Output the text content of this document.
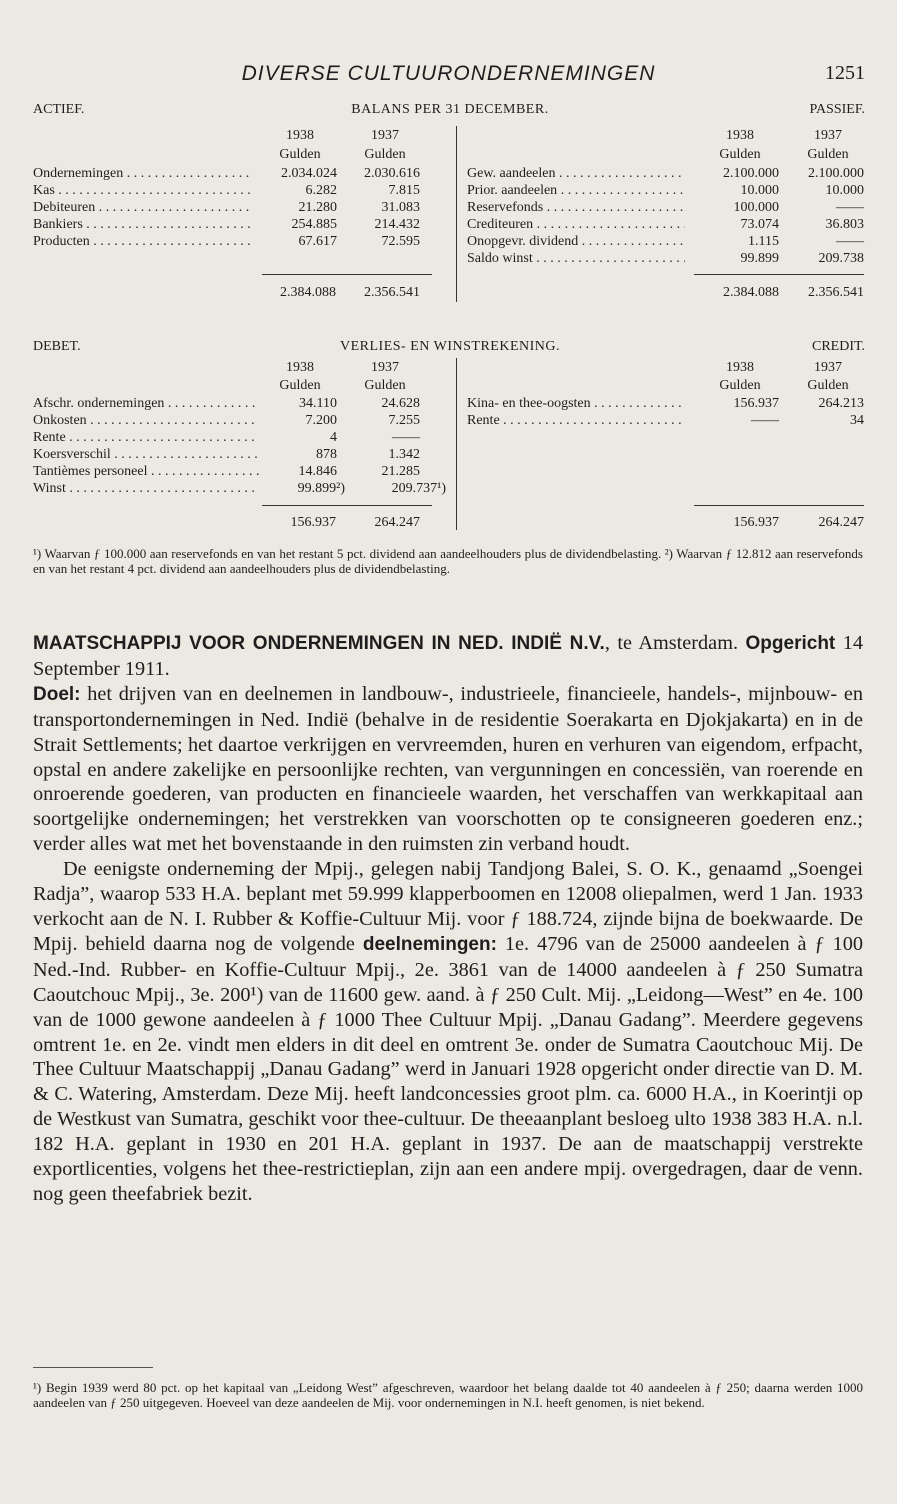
DIVERSE CULTUURONDERNEMINGEN	1251
ACTIEF.	BALANS PER 31 DECEMBER.	PASSIEF.
1938	1937
Gulden	Gulden
1938	1937
Gulden	Gulden
Ondernemingen . . .	2.034.024	2.030.616
Kas . . .	6.282	7.815
Debiteuren . . .	21.280	31.083
Bankiers . . .	254.885	214.432
Producten . . .	67.617	72.595
Gew. aandeelen . . .	2.100.000	2.100.000
Prior. aandeelen . . .	10.000	10.000
Reservefonds . . .	100.000	——
Crediteuren . . .	73.074	36.803
Onopgevr. dividend . . .	1.115	——
Saldo winst . . .	99.899	209.738
2.384.088	2.356.541	2.384.088	2.356.541
DEBET.	VERLIES- EN WINSTREKENING.	CREDIT.
1938	1937
Gulden	Gulden
1938	1937
Gulden	Gulden
Afschr. ondernemingen . . .	34.110	24.628
Onkosten . . .	7.200	7.255
Rente . . .	4	——
Koersverschil . . .	878	1.342
Tantièmes personeel . . .	14.846	21.285
Winst . . .	99.899²)	209.737¹)
Kina- en thee-oogsten . . .	156.937	264.213
Rente . . .	——	34
156.937	264.247	156.937	264.247
¹) Waarvan ƒ 100.000 aan reservefonds en van het restant 5 pct. dividend aan aandeelhouders plus de dividendbelasting. ²) Waarvan ƒ 12.812 aan reservefonds en van het restant 4 pct. dividend aan aandeelhouders plus de dividendbelasting.

MAATSCHAPPIJ VOOR ONDERNEMINGEN IN NED. INDIË N.V., te Amsterdam. Opgericht 14 September 1911.

Doel: het drijven van en deelnemen in landbouw-, industrieele, financieele, handels-, mijnbouw- en transportondernemingen in Ned. Indië (behalve in de residentie Soerakarta en Djokjakarta) en in de Strait Settlements; het daartoe verkrijgen en vervreemden, huren en verhuren van eigendom, erfpacht, opstal en andere zakelijke en persoonlijke rechten, van vergunningen en concessiën, van roerende en onroerende goederen, van producten en financieele waarden, het verschaffen van werkkapitaal aan soortgelijke ondernemingen; het verstrekken van voorschotten op te consigneeren goederen enz.; verder alles wat met het bovenstaande in den ruimsten zin verband houdt.

De eenigste onderneming der Mpij., gelegen nabij Tandjong Balei, S. O. K., genaamd „Soengei Radja”, waarop 533 H.A. beplant met 59.999 klapperboomen en 12008 oliepalmen, werd 1 Jan. 1933 verkocht aan de N. I. Rubber & Koffie-Cultuur Mij. voor ƒ 188.724, zijnde bijna de boekwaarde. De Mpij. behield daarna nog de volgende deelnemingen: 1e. 4796 van de 25000 aandeelen à ƒ 100 Ned.-Ind. Rubber- en Koffie-Cultuur Mpij., 2e. 3861 van de 14000 aandeelen à ƒ 250 Sumatra Caoutchouc Mpij., 3e. 200¹) van de 11600 gew. aand. à ƒ 250 Cult. Mij. „Leidong—West” en 4e. 100 van de 1000 gewone aandeelen à ƒ 1000 Thee Cultuur Mpij. „Danau Gadang”. Meerdere gegevens omtrent 1e. en 2e. vindt men elders in dit deel en omtrent 3e. onder de Sumatra Caoutchouc Mij. De Thee Cultuur Maatschappij „Danau Gadang” werd in Januari 1928 opgericht onder directie van D. M. & C. Watering, Amsterdam. Deze Mij. heeft landconcessies groot plm. ca. 6000 H.A., in Koerintji op de Westkust van Sumatra, geschikt voor thee-cultuur. De theeaanplant besloeg ulto 1938 383 H.A. n.l. 182 H.A. geplant in 1930 en 201 H.A. geplant in 1937. De aan de maatschappij verstrekte exportlicenties, volgens het thee-restrictieplan, zijn aan een andere mpij. overgedragen, daar de venn. nog geen theefabriek bezit.

¹) Begin 1939 werd 80 pct. op het kapitaal van „Leidong West” afgeschreven, waardoor het belang daalde tot 40 aandeelen à ƒ 250; daarna werden 1000 aandeelen van ƒ 250 uitgegeven. Hoeveel van deze aandeelen de Mij. voor ondernemingen in N.I. heeft genomen, is niet bekend.
